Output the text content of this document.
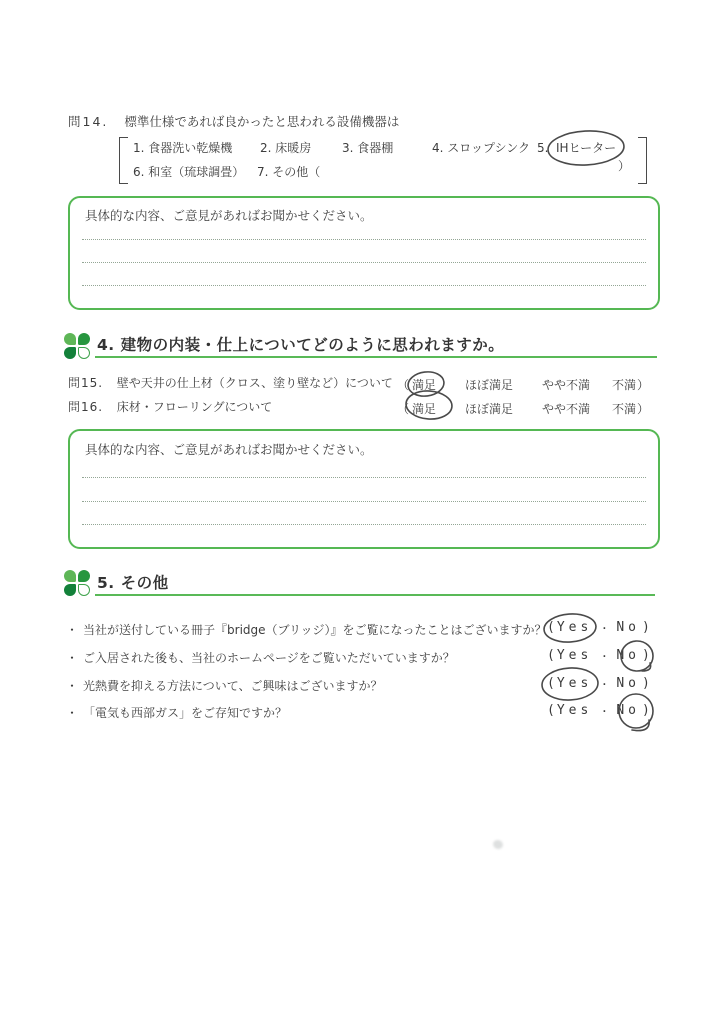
問14. 標準仕様であれば良かったと思われる設備機器は
1. 食器洗い乾燥機 2. 床暖房	3. 食器棚	4. スロップシンク 5. IHヒーター
6. 和室（琉球調畳） 7. その他（	）
具体的な内容、ご意見があればお聞かせください。
4. 建物の内装・仕上についてどのように思われますか。
問15. 壁や天井の仕上材（クロス、塗り壁など）について （ 満足 ほぼ満足 やや不満 不満 ）
問16. 床材・フローリングについて	（ 満足 ほぼ満足 やや不満 不満 ）
具体的な内容、ご意見があればお聞かせください。
5. その他
・ 当社が送付している冊子『bridge（ブリッジ）』をご覧になったことはございますか？ ( Yes ・ No )
・ ご入居された後も、当社のホームページをご覧いただいていますか？	( Yes ・ No )
・ 光熱費を抑える方法について、ご興味はございますか？	( Yes ・ No )
・ 「電気も西部ガス」をご存知ですか？	( Yes ・ No )
